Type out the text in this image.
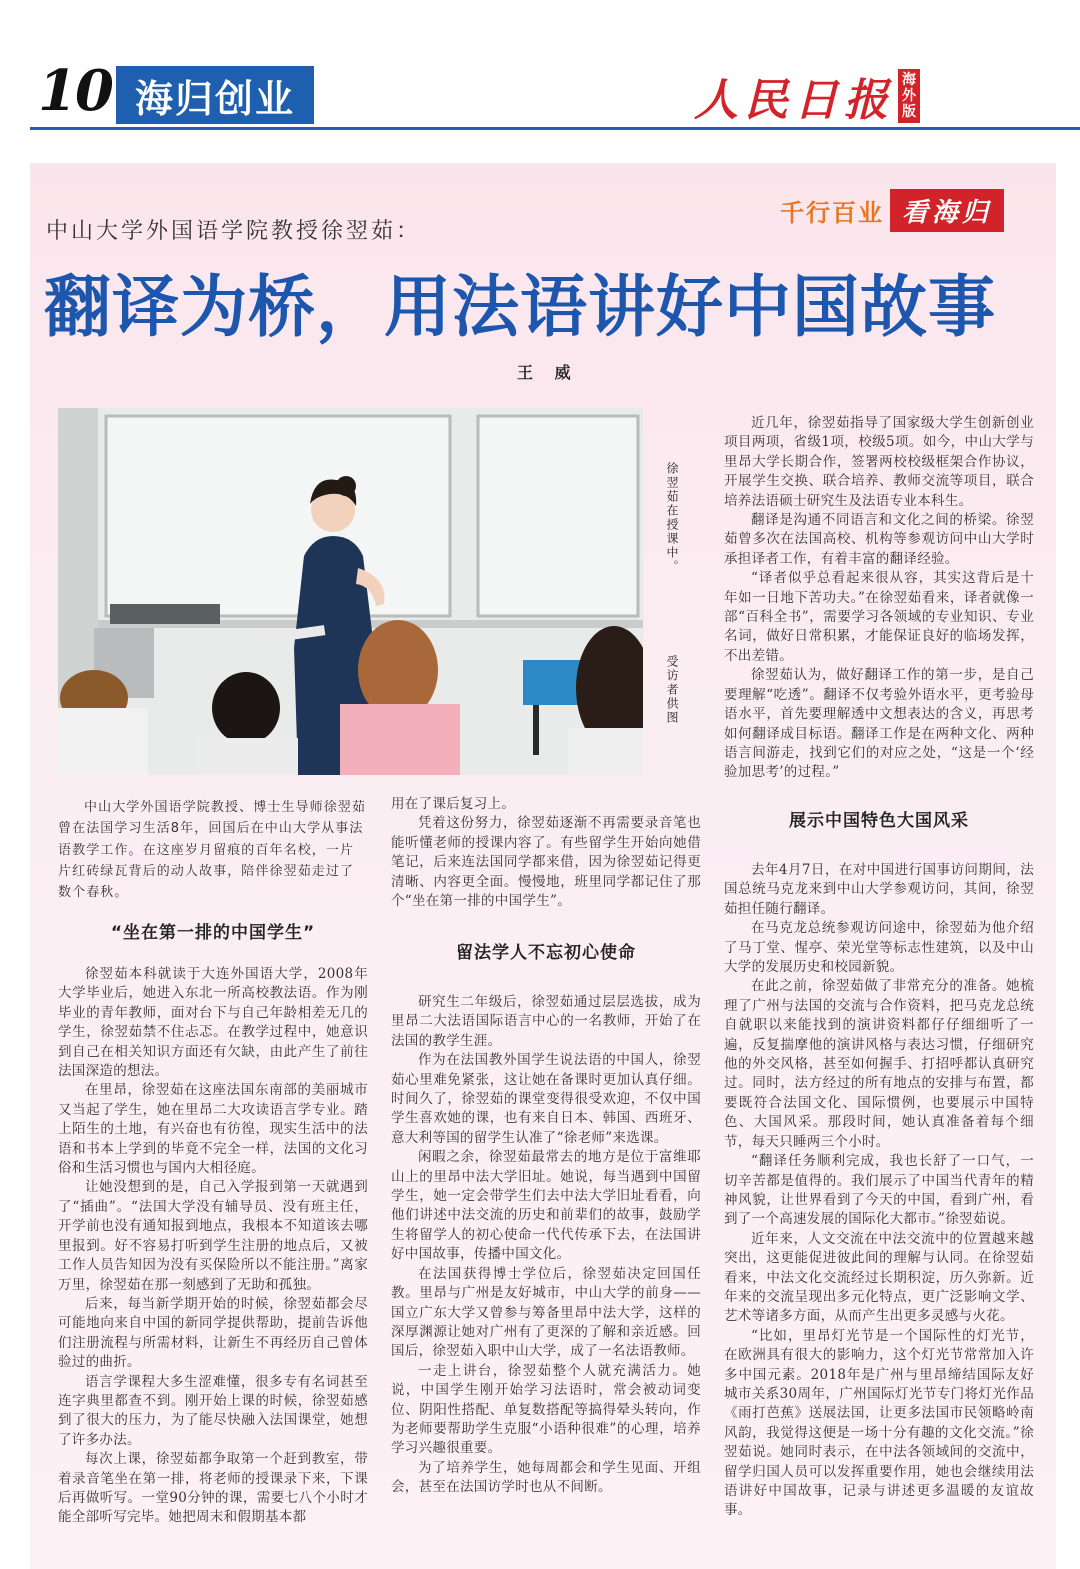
10 海归创业	人民日报 海外版
中山大学外国语学院教授徐翌茹：
千行百业 看海归
翻译为桥，用法语讲好中国故事
王 威
徐翌茹在授课中。
受访者供图
中山大学外国语学院教授、博士生导师徐翌茹曾在法国学习生活8年，回国后在中山大学从事法语教学工作。在这座岁月留痕的百年名校，一片片红砖绿瓦背后的动人故事，陪伴徐翌茹走过了数个春秋。
“坐在第一排的中国学生”

徐翌茹本科就读于大连外国语大学，2008年大学毕业后，她进入东北一所高校教法语。作为刚毕业的青年教师，面对台下与自己年龄相差无几的学生，徐翌茹禁不住忐忑。在教学过程中，她意识到自己在相关知识方面还有欠缺，由此产生了前往法国深造的想法。

在里昂，徐翌茹在这座法国东南部的美丽城市又当起了学生，她在里昂二大攻读语言学专业。踏上陌生的土地，有兴奋也有彷徨，现实生活中的法语和书本上学到的毕竟不完全一样，法国的文化习俗和生活习惯也与国内大相径庭。

让她没想到的是，自己入学报到第一天就遇到了“插曲”。“法国大学没有辅导员、没有班主任，开学前也没有通知报到地点，我根本不知道该去哪里报到。好不容易打听到学生注册的地点后，又被工作人员告知因为没有买保险所以不能注册。”离家万里，徐翌茹在那一刻感到了无助和孤独。

后来，每当新学期开始的时候，徐翌茹都会尽可能地向来自中国的新同学提供帮助，提前告诉他们注册流程与所需材料，让新生不再经历自己曾体验过的曲折。

语言学课程大多生涩难懂，很多专有名词甚至连字典里都查不到。刚开始上课的时候，徐翌茹感到了很大的压力，为了能尽快融入法国课堂，她想了许多办法。

每次上课，徐翌茹都争取第一个赶到教室，带着录音笔坐在第一排，将老师的授课录下来，下课后再做听写。一堂90分钟的课，需要七八个小时才能全部听写完毕。她把周末和假期基本都

用在了课后复习上。

凭着这份努力，徐翌茹逐渐不再需要录音笔也能听懂老师的授课内容了。有些留学生开始向她借笔记，后来连法国同学都来借，因为徐翌茹记得更清晰、内容更全面。慢慢地，班里同学都记住了那个“坐在第一排的中国学生”。

留法学人不忘初心使命

研究生二年级后，徐翌茹通过层层选拔，成为里昂二大法语国际语言中心的一名教师，开始了在法国的教学生涯。

作为在法国教外国学生说法语的中国人，徐翌茹心里难免紧张，这让她在备课时更加认真仔细。时间久了，徐翌茹的课堂变得很受欢迎，不仅中国学生喜欢她的课，也有来自日本、韩国、西班牙、意大利等国的留学生认准了“徐老师”来选课。

闲暇之余，徐翌茹最常去的地方是位于富维耶山上的里昂中法大学旧址。她说，每当遇到中国留学生，她一定会带学生们去中法大学旧址看看，向他们讲述中法交流的历史和前辈们的故事，鼓励学生将留学人的初心使命一代代传承下去，在法国讲好中国故事，传播中国文化。

在法国获得博士学位后，徐翌茹决定回国任教。里昂与广州是友好城市，中山大学的前身——国立广东大学又曾参与筹备里昂中法大学，这样的深厚渊源让她对广州有了更深的了解和亲近感。回国后，徐翌茹入职中山大学，成了一名法语教师。

一走上讲台，徐翌茹整个人就充满活力。她说，中国学生刚开始学习法语时，常会被动词变位、阴阳性搭配、单复数搭配等搞得晕头转向，作为老师要帮助学生克服“小语种很难”的心理，培养学习兴趣很重要。

为了培养学生，她每周都会和学生见面、开组会，甚至在法国访学时也从不间断。

近几年，徐翌茹指导了国家级大学生创新创业项目两项，省级1项，校级5项。如今，中山大学与里昂大学长期合作，签署两校校级框架合作协议，开展学生交换、联合培养、教师交流等项目，联合培养法语硕士研究生及法语专业本科生。

翻译是沟通不同语言和文化之间的桥梁。徐翌茹曾多次在法国高校、机构等参观访问中山大学时承担译者工作，有着丰富的翻译经验。

“译者似乎总看起来很从容，其实这背后是十年如一日地下苦功夫。”在徐翌茹看来，译者就像一部“百科全书”，需要学习各领域的专业知识、专业名词，做好日常积累，才能保证良好的临场发挥，不出差错。

徐翌茹认为，做好翻译工作的第一步，是自己要理解“吃透”。翻译不仅考验外语水平，更考验母语水平，首先要理解透中文想表达的含义，再思考如何翻译成目标语。翻译工作是在两种文化、两种语言间游走，找到它们的对应之处，“这是一个‘经验加思考’的过程。”

展示中国特色大国风采

去年4月7日，在对中国进行国事访问期间，法国总统马克龙来到中山大学参观访问，其间，徐翌茹担任随行翻译。

在马克龙总统参观访问途中，徐翌茹为他介绍了马丁堂、惺亭、荣光堂等标志性建筑，以及中山大学的发展历史和校园新貌。

在此之前，徐翌茹做了非常充分的准备。她梳理了广州与法国的交流与合作资料，把马克龙总统自就职以来能找到的演讲资料都仔仔细细听了一遍，反复揣摩他的演讲风格与表达习惯，仔细研究他的外交风格，甚至如何握手、打招呼都认真研究过。同时，法方经过的所有地点的安排与布置，都要既符合法国文化、国际惯例，也要展示中国特色、大国风采。那段时间，她认真准备着每个细节，每天只睡两三个小时。

“翻译任务顺利完成，我也长舒了一口气，一切辛苦都是值得的。我们展示了中国当代青年的精神风貌，让世界看到了今天的中国，看到广州，看到了一个高速发展的国际化大都市。”徐翌茹说。

近年来，人文交流在中法交流中的位置越来越突出，这更能促进彼此间的理解与认同。在徐翌茹看来，中法文化交流经过长期积淀，历久弥新。近年来的交流呈现出多元化特点，更广泛影响文学、艺术等诸多方面，从而产生出更多灵感与火花。

“比如，里昂灯光节是一个国际性的灯光节，在欧洲具有很大的影响力，这个灯光节常常加入许多中国元素。2018年是广州与里昂缔结国际友好城市关系30周年，广州国际灯光节专门将灯光作品《雨打芭蕉》送展法国，让更多法国市民领略岭南风韵，我觉得这便是一场十分有趣的文化交流。”徐翌茹说。她同时表示，在中法各领域间的交流中，留学归国人员可以发挥重要作用，她也会继续用法语讲好中国故事，记录与讲述更多温暖的友谊故事。
